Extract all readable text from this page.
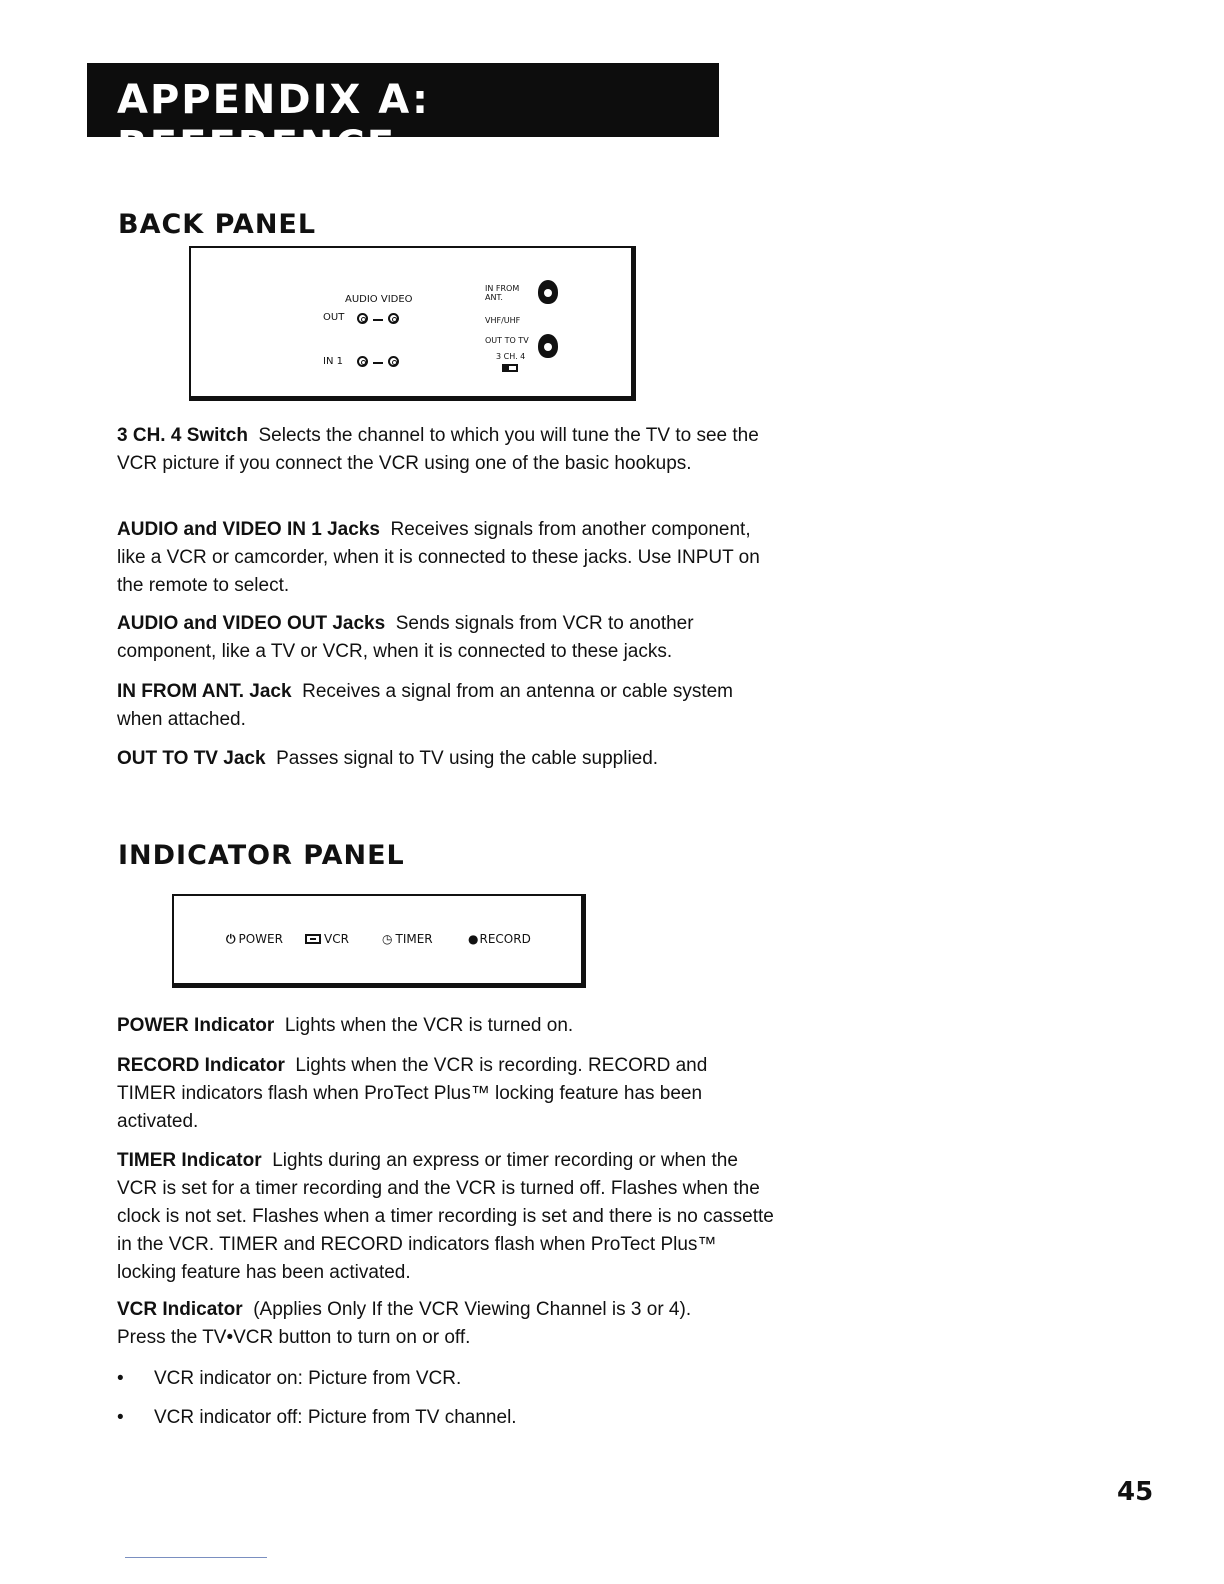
APPENDIX A: REFERENCE
BACK PANEL
AUDIO VIDEO
OUT
IN 1
IN FROM
ANT.
VHF/UHF
OUT TO TV
3 CH. 4

3 CH. 4 Switch Selects the channel to which you will tune the TV to see the VCR picture if you connect the VCR using one of the basic hookups.

AUDIO and VIDEO IN 1 Jacks Receives signals from another component, like a VCR or camcorder, when it is connected to these jacks. Use INPUT on the remote to select.

AUDIO and VIDEO OUT Jacks Sends signals from VCR to another component, like a TV or VCR, when it is connected to these jacks.

IN FROM ANT. Jack Receives a signal from an antenna or cable system when attached.

OUT TO TV Jack Passes signal to TV using the cable supplied.

INDICATOR PANEL
⏻ POWER	VCR	◷ TIMER	●RECORD

POWER Indicator Lights when the VCR is turned on.

RECORD Indicator Lights when the VCR is recording. RECORD and TIMER indicators flash when ProTect Plus™ locking feature has been activated.

TIMER Indicator Lights during an express or timer recording or when the VCR is set for a timer recording and the VCR is turned off. Flashes when the clock is not set. Flashes when a timer recording is set and there is no cassette in the VCR. TIMER and RECORD indicators flash when ProTect Plus™ locking feature has been activated.

VCR Indicator (Applies Only If the VCR Viewing Channel is 3 or 4). Press the TV•VCR button to turn on or off.

• VCR indicator on: Picture from VCR.
• VCR indicator off: Picture from TV channel.
45
